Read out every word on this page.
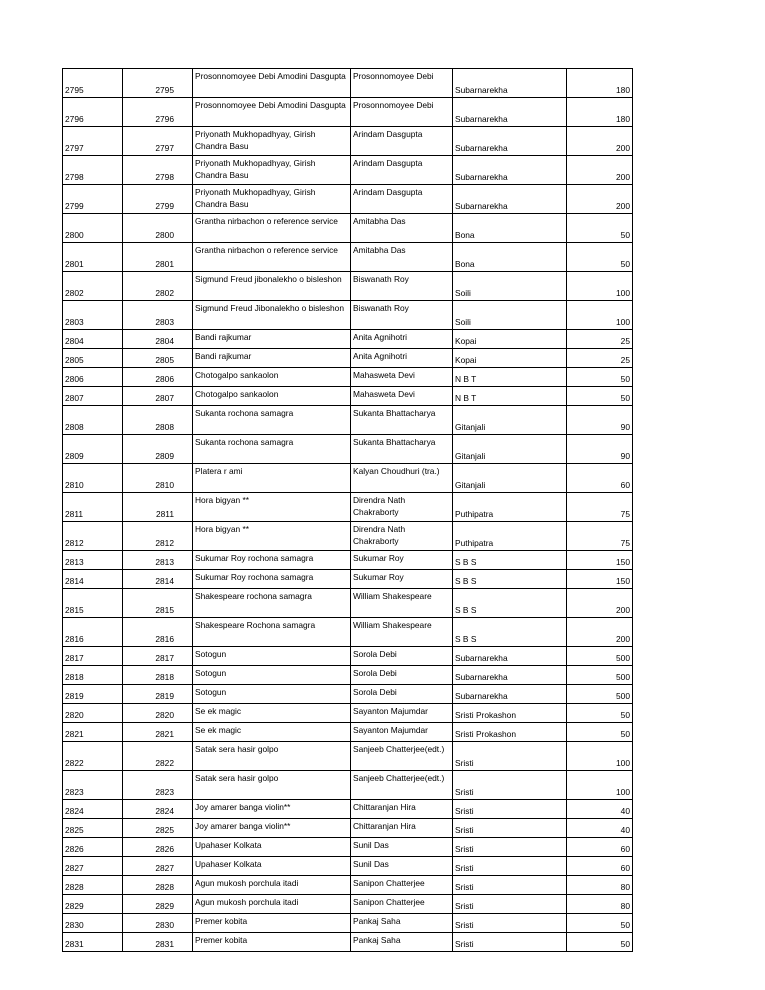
2795	2795	Prosonnomoyee Debi Amodini Dasgupta	Prosonnomoyee Debi	Subarnarekha	180
2796	2796	Prosonnomoyee Debi Amodini Dasgupta	Prosonnomoyee Debi	Subarnarekha	180
2797	2797	Priyonath Mukhopadhyay, Girish Chandra Basu	Arindam Dasgupta	Subarnarekha	200
2798	2798	Priyonath Mukhopadhyay, Girish Chandra Basu	Arindam Dasgupta	Subarnarekha	200
2799	2799	Priyonath Mukhopadhyay, Girish Chandra Basu	Arindam Dasgupta	Subarnarekha	200
2800	2800	Grantha nirbachon o reference service	Amitabha Das	Bona	50
2801	2801	Grantha nirbachon o reference service	Amitabha Das	Bona	50
2802	2802	Sigmund Freud jibonalekho o bisleshon	Biswanath Roy	Soili	100
2803	2803	Sigmund Freud Jibonalekho o bisleshon	Biswanath Roy	Soili	100
2804	2804	Bandi rajkumar	Anita Agnihotri	Kopai	25
2805	2805	Bandi rajkumar	Anita Agnihotri	Kopai	25
2806	2806	Chotogalpo sankaolon	Mahasweta Devi	N B T	50
2807	2807	Chotogalpo sankaolon	Mahasweta Devi	N B T	50
2808	2808	Sukanta rochona samagra	Sukanta Bhattacharya	Gitanjali	90
2809	2809	Sukanta rochona samagra	Sukanta Bhattacharya	Gitanjali	90
2810	2810	Platera r ami	Kalyan Choudhuri (tra.)	Gitanjali	60
2811	2811	Hora bigyan **	Direndra Nath Chakraborty	Puthipatra	75
2812	2812	Hora bigyan **	Direndra Nath Chakraborty	Puthipatra	75
2813	2813	Sukumar Roy rochona samagra	Sukumar Roy	S B S	150
2814	2814	Sukumar Roy rochona samagra	Sukumar Roy	S B S	150
2815	2815	Shakespeare rochona samagra	William Shakespeare	S B S	200
2816	2816	Shakespeare Rochona samagra	William Shakespeare	S B S	200
2817	2817	Sotogun	Sorola Debi	Subarnarekha	500
2818	2818	Sotogun	Sorola Debi	Subarnarekha	500
2819	2819	Sotogun	Sorola Debi	Subarnarekha	500
2820	2820	Se ek magic	Sayanton Majumdar	Sristi Prokashon	50
2821	2821	Se ek magic	Sayanton Majumdar	Sristi Prokashon	50
2822	2822	Satak sera hasir golpo	Sanjeeb Chatterjee(edt.)	Sristi	100
2823	2823	Satak sera hasir golpo	Sanjeeb Chatterjee(edt.)	Sristi	100
2824	2824	Joy amarer banga violin**	Chittaranjan Hira	Sristi	40
2825	2825	Joy amarer banga violin**	Chittaranjan Hira	Sristi	40
2826	2826	Upahaser Kolkata	Sunil Das	Sristi	60
2827	2827	Upahaser Kolkata	Sunil Das	Sristi	60
2828	2828	Agun mukosh porchula itadi	Sanipon Chatterjee	Sristi	80
2829	2829	Agun mukosh porchula itadi	Sanipon Chatterjee	Sristi	80
2830	2830	Premer kobita	Pankaj Saha	Sristi	50
2831	2831	Premer kobita	Pankaj Saha	Sristi	50
